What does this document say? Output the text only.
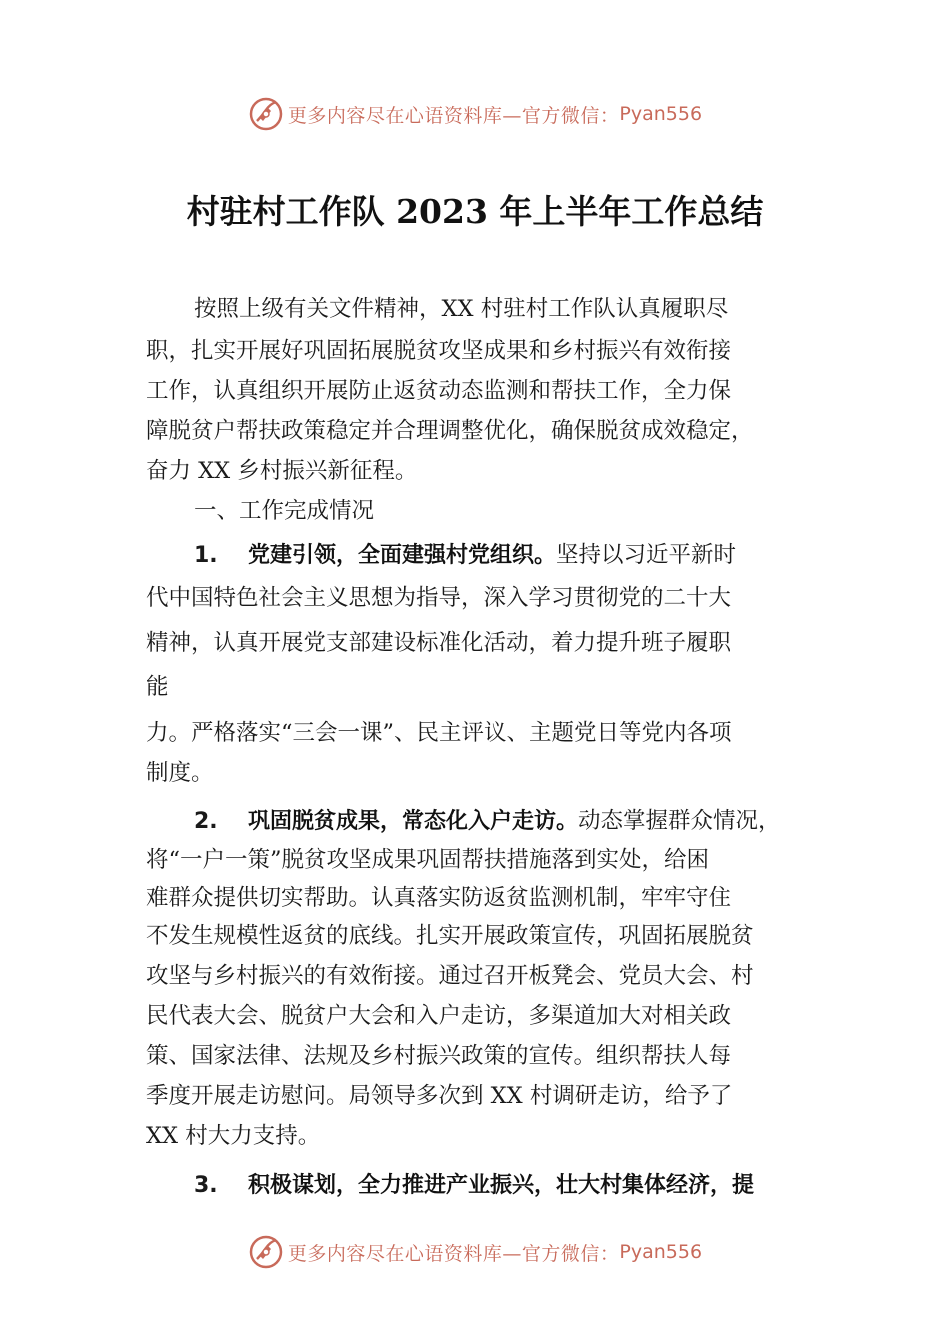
更多内容尽在心语资料库—官方微信： Pyan556
村驻村工作队 2023 年上半年工作总结
按照上级有关文件精神，XX 村驻村工作队认真履职尽
职，扎实开展好巩固拓展脱贫攻坚成果和乡村振兴有效衔接
工作，认真组织开展防止返贫动态监测和帮扶工作，全力保
障脱贫户帮扶政策稳定并合理调整优化，确保脱贫成效稳定，
奋力 XX 乡村振兴新征程。
一、工作完成情况
1. 党建引领，全面建强村党组织。坚持以习近平新时
代中国特色社会主义思想为指导，深入学习贯彻党的二十大
精神，认真开展党支部建设标准化活动，着力提升班子履职
能
力。严格落实“三会一课”、民主评议、主题党日等党内各项
制度。
2. 巩固脱贫成果，常态化入户走访。动态掌握群众情况，
将“一户一策”脱贫攻坚成果巩固帮扶措施落到实处，给困
难群众提供切实帮助。认真落实防返贫监测机制，牢牢守住
不发生规模性返贫的底线。扎实开展政策宣传，巩固拓展脱贫
攻坚与乡村振兴的有效衔接。通过召开板凳会、党员大会、村
民代表大会、脱贫户大会和入户走访，多渠道加大对相关政
策、国家法律、法规及乡村振兴政策的宣传。组织帮扶人每
季度开展走访慰问。局领导多次到 XX 村调研走访，给予了
XX 村大力支持。
3. 积极谋划，全力推进产业振兴，壮大村集体经济，提
更多内容尽在心语资料库—官方微信： Pyan556
